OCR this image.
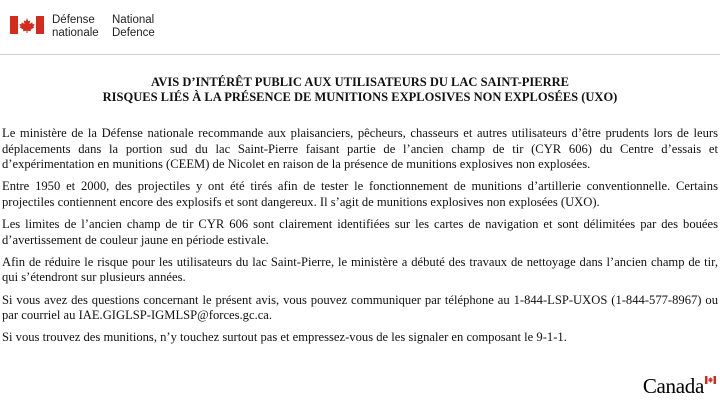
Défense
nationale
National
Defence
AVIS D’INTÉRÊT PUBLIC AUX UTILISATEURS DU LAC SAINT-PIERRE
RISQUES LIÉS À LA PRÉSENCE DE MUNITIONS EXPLOSIVES NON EXPLOSÉES (UXO)

Le ministère de la Défense nationale recommande aux plaisanciers, pêcheurs, chasseurs et autres utilisateurs d’être prudents lors de leurs déplacements dans la portion sud du lac Saint-Pierre faisant partie de l’ancien champ de tir (CYR 606) du Centre d’essais et d’expérimentation en munitions (CEEM) de Nicolet en raison de la présence de munitions explosives non explosées.

Entre 1950 et 2000, des projectiles y ont été tirés afin de tester le fonctionnement de munitions d’artillerie conventionnelle. Certains projectiles contiennent encore des explosifs et sont dangereux. Il s’agit de munitions explosives non explosées (UXO).

Les limites de l’ancien champ de tir CYR 606 sont clairement identifiées sur les cartes de navigation et sont délimitées par des bouées d’avertissement de couleur jaune en période estivale.

Afin de réduire le risque pour les utilisateurs du lac Saint-Pierre, le ministère a débuté des travaux de nettoyage dans l’ancien champ de tir, qui s’étendront sur plusieurs années.

Si vous avez des questions concernant le présent avis, vous pouvez communiquer par téléphone au 1-844-LSP-UXOS (1-844-577-8967) ou par courriel au IAE.GIGLSP-IGMLSP@forces.gc.ca.

Si vous trouvez des munitions, n’y touchez surtout pas et empressez-vous de les signaler en composant le 9-1-1.

Canada
